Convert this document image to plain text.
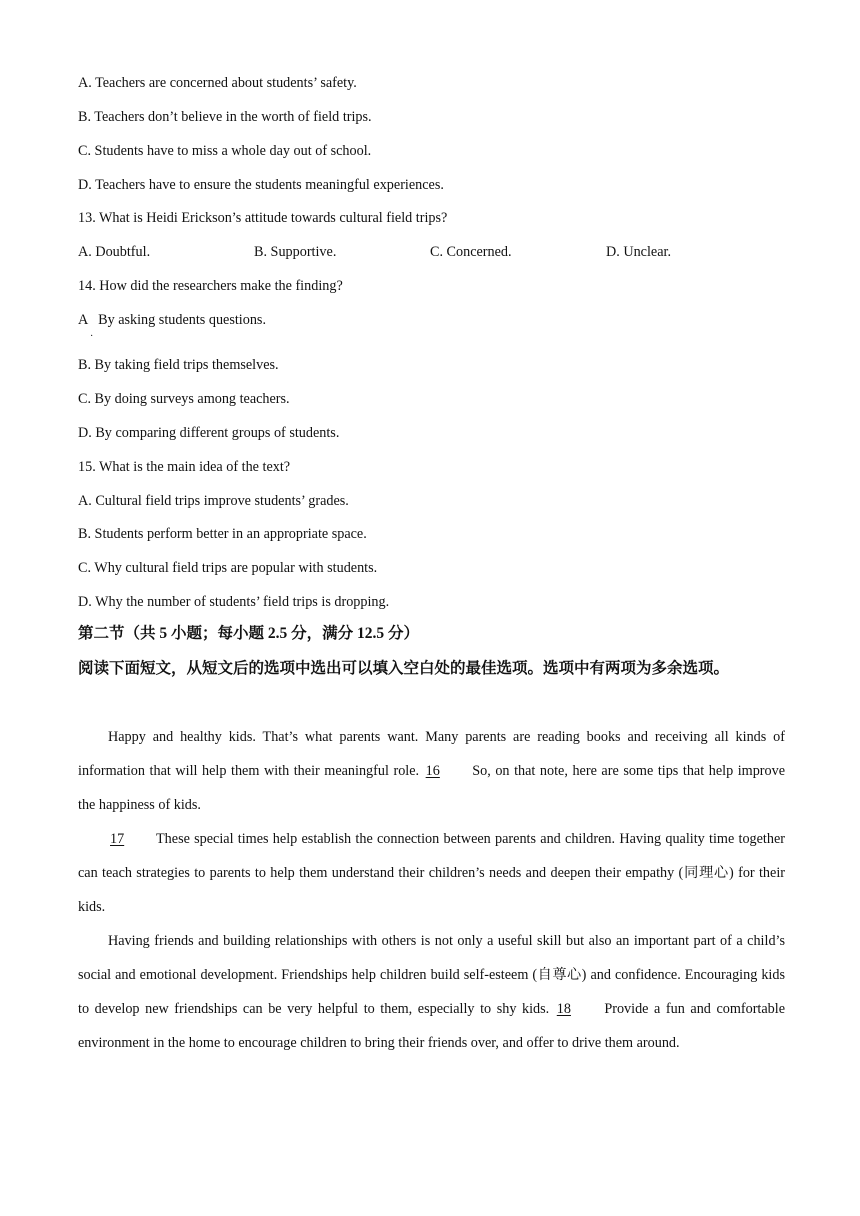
A. Teachers are concerned about students’ safety.
B. Teachers don’t believe in the worth of field trips.
C. Students have to miss a whole day out of school.
D. Teachers have to ensure the students meaningful experiences.
13. What is Heidi Erickson’s attitude towards cultural field trips?
A. Doubtful.	B. Supportive.	C. Concerned.	D. Unclear.
14. How did the researchers make the finding?
A   By asking students questions.
·
B. By taking field trips themselves.
C. By doing surveys among teachers.
D. By comparing different groups of students.
15. What is the main idea of the text?
A. Cultural field trips improve students’ grades.
B. Students perform better in an appropriate space.
C. Why cultural field trips are popular with students.
D. Why the number of students’ field trips is dropping.
第二节（共 5 小题；每小题 2.5 分，满分 12.5 分）
阅读下面短文，从短文后的选项中选出可以填入空白处的最佳选项。选项中有两项为多余选项。
Happy and healthy kids. That’s what parents want. Many parents are reading books and receiving all kinds of information that will help them with their meaningful role. 16 So, on that note, here are some tips that help improve the happiness of kids.
17 These special times help establish the connection between parents and children. Having quality time together can teach strategies to parents to help them understand their children’s needs and deepen their empathy (同理心) for their kids.
Having friends and building relationships with others is not only a useful skill but also an important part of a child’s social and emotional development. Friendships help children build self-esteem (自尊心) and confidence. Encouraging kids to develop new friendships can be very helpful to them, especially to shy kids. 18 Provide a fun and comfortable environment in the home to encourage children to bring their friends over, and offer to drive them around.
